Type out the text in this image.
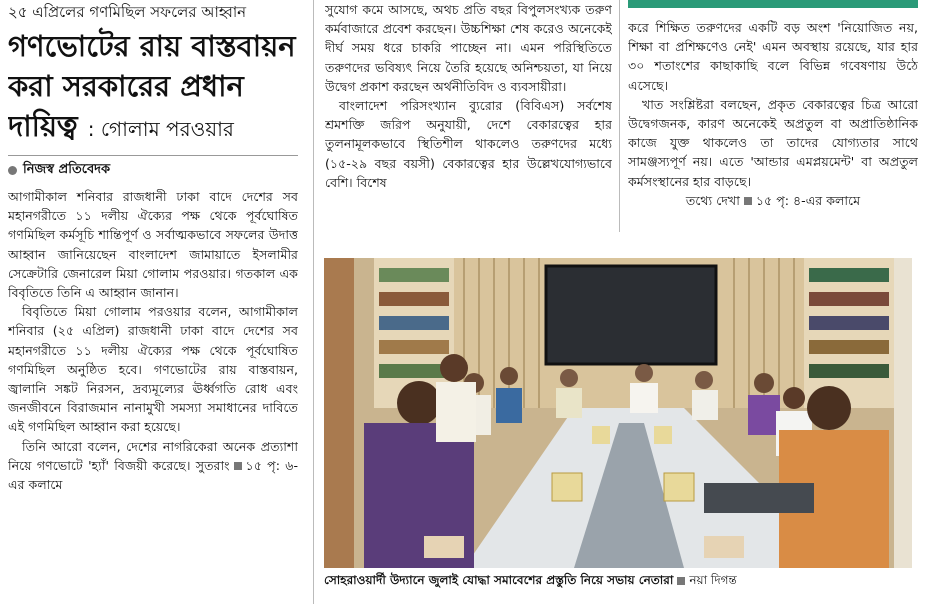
২৫ এপ্রিলের গণমিছিল সফলের আহ্বান
গণভোটের রায় বাস্তবায়ন করা সরকারের প্রধান দায়িত্ব : গোলাম পরওয়ার
নিজস্ব প্রতিবেদক

আগামীকাল শনিবার রাজধানী ঢাকা বাদে দেশের সব মহানগরীতে ১১ দলীয় ঐক্যের পক্ষ থেকে পূর্বঘোষিত গণমিছিল কর্মসূচি শান্তিপূর্ণ ও সর্বাত্মকভাবে সফলের উদাত্ত আহ্বান জানিয়েছেন বাংলাদেশ জামায়াতে ইসলামীর সেক্রেটারি জেনারেল মিয়া গোলাম পরওয়ার। গতকাল এক বিবৃতিতে তিনি এ আহ্বান জানান।

বিবৃতিতে মিয়া গোলাম পরওয়ার বলেন, আগামীকাল শনিবার (২৫ এপ্রিল) রাজধানী ঢাকা বাদে দেশের সব মহানগরীতে ১১ দলীয় ঐক্যের পক্ষ থেকে পূর্বঘোষিত গণমিছিল অনুষ্ঠিত হবে। গণভোটের রায় বাস্তবায়ন, জ্বালানি সঙ্কট নিরসন, দ্রব্যমূল্যের ঊর্ধ্বগতি রোধ এবং জনজীবনে বিরাজমান নানামুখী সমস্যা সমাধানের দাবিতে এই গণমিছিল আহ্বান করা হয়েছে।

তিনি আরো বলেন, দেশের নাগরিকেরা অনেক প্রত্যাশা নিয়ে গণভোটে 'হ্যাঁ' বিজয়ী করেছে। সুতরাং ১৫ পৃ: ৬-এর কলামে

সুযোগ কমে আসছে, অথচ প্রতি বছর বিপুলসংখ্যক তরুণ কর্মবাজারে প্রবেশ করছেন। উচ্চশিক্ষা শেষ করেও অনেকেই দীর্ঘ সময় ধরে চাকরি পাচ্ছেন না। এমন পরিস্থিতিতে তরুণদের ভবিষ্যৎ নিয়ে তৈরি হয়েছে অনিশ্চয়তা, যা নিয়ে উদ্বেগ প্রকাশ করছেন অর্থনীতিবিদ ও ব্যবসায়ীরা।

বাংলাদেশ পরিসংখ্যান ব্যুরোর (বিবিএস) সর্বশেষ শ্রমশক্তি জরিপ অনুযায়ী, দেশে বেকারত্বের হার তুলনামূলকভাবে স্থিতিশীল থাকলেও তরুণদের মধ্যে (১৫-২৯ বছর বয়সী) বেকারত্বের হার উল্লেখযোগ্যভাবে বেশি। বিশেষ

করে শিক্ষিত তরুণদের একটি বড় অংশ 'নিয়োজিত নয়, শিক্ষা বা প্রশিক্ষণেও নেই' এমন অবস্থায় রয়েছে, যার হার ৩০ শতাংশের কাছাকাছি বলে বিভিন্ন গবেষণায় উঠে এসেছে।

খাত সংশ্লিষ্টরা বলছেন, প্রকৃত বেকারত্বের চিত্র আরো উদ্বেগজনক, কারণ অনেকেই অপ্রতুল বা অপ্রাতিষ্ঠানিক কাজে যুক্ত থাকলেও তা তাদের যোগ্যতার সাথে সামঞ্জস্যপূর্ণ নয়। এতে 'আন্ডার এমপ্লয়মেন্ট' বা অপ্রতুল কর্মসংস্থানের হার বাড়ছে।

তথ্যে দেখা ১৫ পৃ: ৪-এর কলামে

সোহরাওয়ার্দী উদ্যানে জুলাই যোদ্ধা সমাবেশের প্রস্তুতি নিয়ে সভায় নেতারা নয়া দিগন্ত
